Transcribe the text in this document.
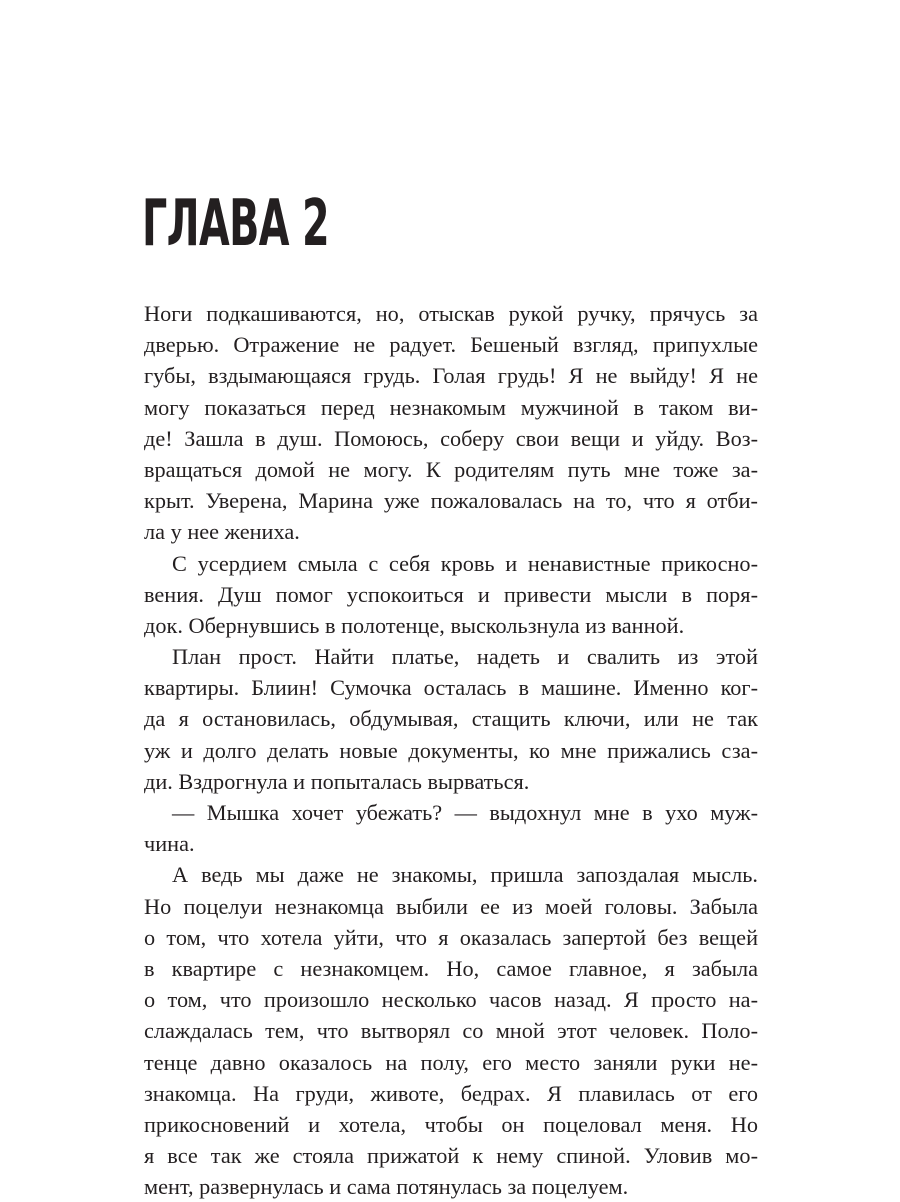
ГЛАВА 2
Ноги подкашиваются, но, отыскав рукой ручку, прячусь за
дверью. Отражение не радует. Бешеный взгляд, припухлые
губы, вздымающаяся грудь. Голая грудь! Я не выйду! Я не
могу показаться перед незнакомым мужчиной в таком ви-
де! Зашла в душ. Помоюсь, соберу свои вещи и уйду. Воз-
вращаться домой не могу. К родителям путь мне тоже за-
крыт. Уверена, Марина уже пожаловалась на то, что я отби-
ла у нее жениха.
С усердием смыла с себя кровь и ненавистные прикосно-
вения. Душ помог успокоиться и привести мысли в поря-
док. Обернувшись в полотенце, выскользнула из ванной.
План прост. Найти платье, надеть и свалить из этой
квартиры. Блиин! Сумочка осталась в машине. Именно ког-
да я остановилась, обдумывая, стащить ключи, или не так
уж и долго делать новые документы, ко мне прижались сза-
ди. Вздрогнула и попыталась вырваться.
— Мышка хочет убежать? — выдохнул мне в ухо муж-
чина.
А ведь мы даже не знакомы, пришла запоздалая мысль.
Но поцелуи незнакомца выбили ее из моей головы. Забыла
о том, что хотела уйти, что я оказалась запертой без вещей
в квартире с незнакомцем. Но, самое главное, я забыла
о том, что произошло несколько часов назад. Я просто на-
слаждалась тем, что вытворял со мной этот человек. Поло-
тенце давно оказалось на полу, его место заняли руки не-
знакомца. На груди, животе, бедрах. Я плавилась от его
прикосновений и хотела, чтобы он поцеловал меня. Но
я все так же стояла прижатой к нему спиной. Уловив мо-
мент, развернулась и сама потянулась за поцелуем.
